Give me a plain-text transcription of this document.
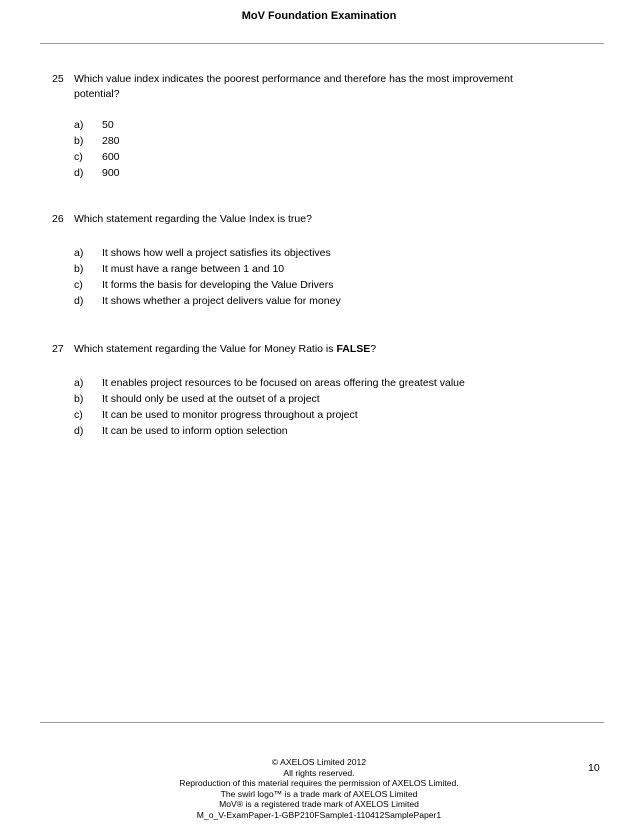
MoV Foundation Examination
25 Which value index indicates the poorest performance and therefore has the most improvement potential?
a) 50
b) 280
c) 600
d) 900
26 Which statement regarding the Value Index is true?
a) It shows how well a project satisfies its objectives
b) It must have a range between 1 and 10
c) It forms the basis for developing the Value Drivers
d) It shows whether a project delivers value for money
27 Which statement regarding the Value for Money Ratio is FALSE?
a) It enables project resources to be focused on areas offering the greatest value
b) It should only be used at the outset of a project
c) It can be used to monitor progress throughout a project
d) It can be used to inform option selection
© AXELOS Limited 2012
All rights reserved.
Reproduction of this material requires the permission of AXELOS Limited.
The swirl logo™ is a trade mark of AXELOS Limited
MoV® is a registered trade mark of AXELOS Limited
M_o_V-ExamPaper-1-GBP210FSample1-110412SamplePaper1
10
